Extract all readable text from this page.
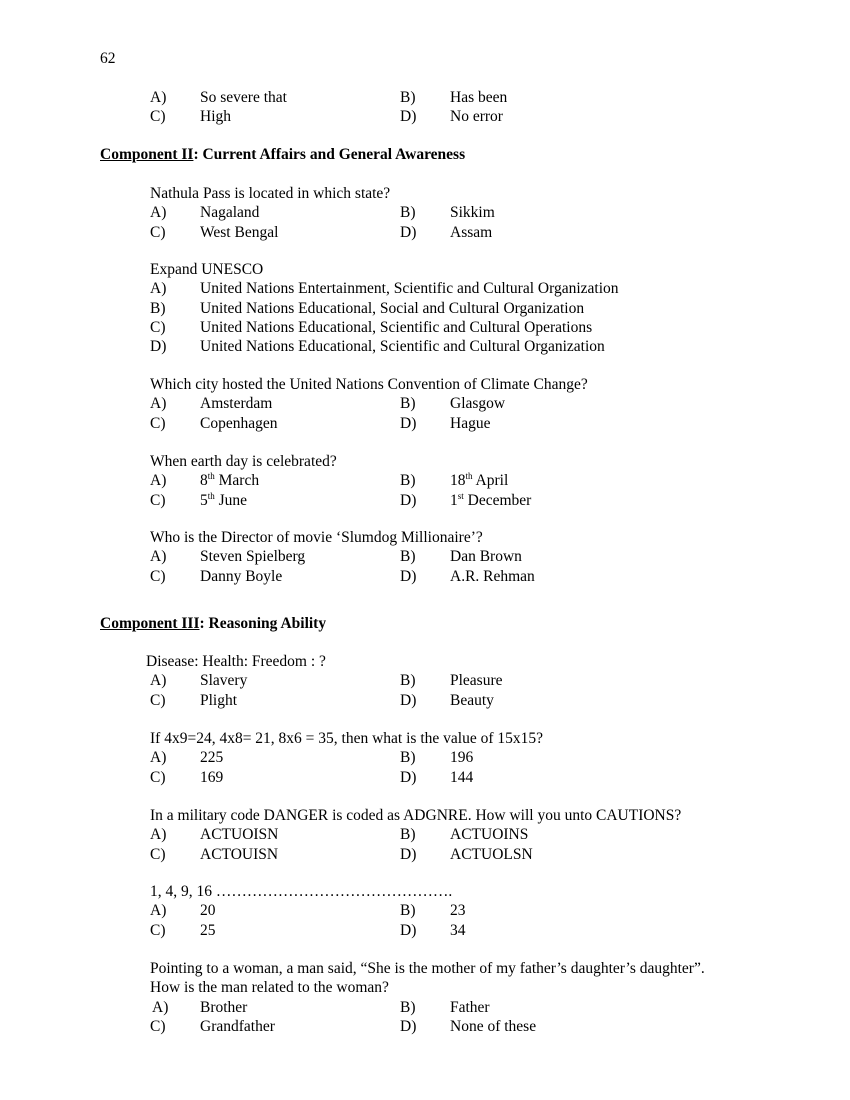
62
A) So severe that	B) Has been
C) High	D) No error
Component II: Current Affairs and General Awareness
Nathula Pass is located in which state?
A) Nagaland	B) Sikkim
C) West Bengal	D) Assam
Expand UNESCO
A) United Nations Entertainment, Scientific and Cultural Organization
B) United Nations Educational, Social and Cultural Organization
C) United Nations Educational, Scientific and Cultural Operations
D) United Nations Educational, Scientific and Cultural Organization
Which city hosted the United Nations Convention of Climate Change?
A) Amsterdam	B) Glasgow
C) Copenhagen	D) Hague
When earth day is celebrated?
A) 8th March	B) 18th April
C) 5th June	D) 1st December
Who is the Director of movie ‘Slumdog Millionaire’?
A) Steven Spielberg	B) Dan Brown
C) Danny Boyle	D) A.R. Rehman
Component III: Reasoning Ability
Disease: Health: Freedom : ?
A) Slavery	B) Pleasure
C) Plight	D) Beauty
If 4x9=24, 4x8= 21, 8x6 = 35, then what is the value of 15x15?
A) 225	B) 196
C) 169	D) 144
In a military code DANGER is coded as ADGNRE. How will you unto CAUTIONS?
A) ACTUOISN	B) ACTUOINS
C) ACTOUISN	D) ACTUOLSN
1, 4, 9, 16 ……………………………………….
A) 20	B) 23
C) 25	D) 34
Pointing to a woman, a man said, “She is the mother of my father’s daughter’s daughter”.
How is the man related to the woman?
A) Brother	B) Father
C) Grandfather	D) None of these
